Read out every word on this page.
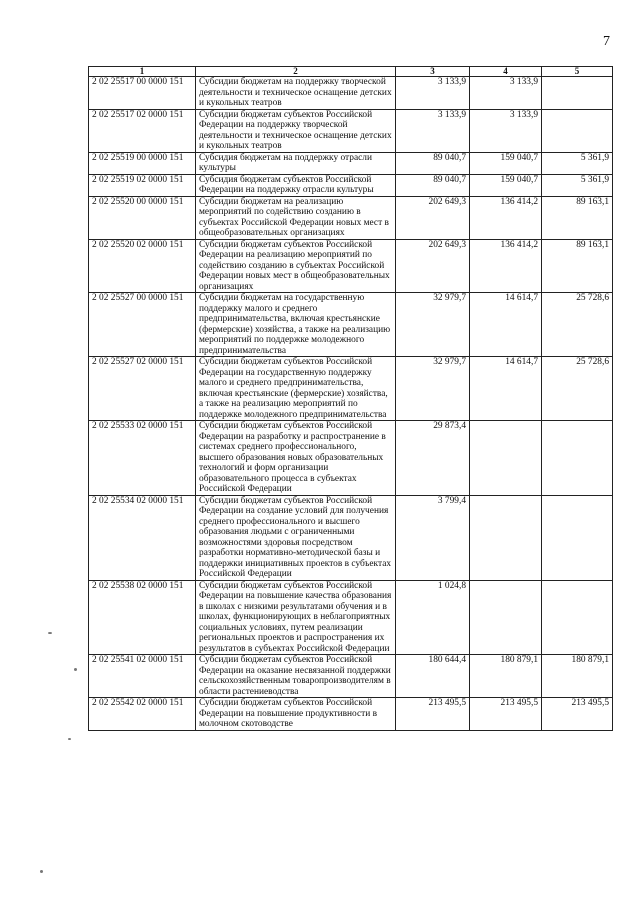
7
1	2	3	4	5
2 02 25517 00 0000 151	Субсидии бюджетам на поддержку творческой деятельности и техническое оснащение детских и кукольных театров	3 133,9	3 133,9	
2 02 25517 02 0000 151	Субсидии бюджетам субъектов Российской Федерации на поддержку творческой деятельности и техническое оснащение детских и кукольных театров	3 133,9	3 133,9	
2 02 25519 00 0000 151	Субсидия бюджетам на поддержку отрасли культуры	89 040,7	159 040,7	5 361,9
2 02 25519 02 0000 151	Субсидия бюджетам субъектов Российской Федерации на поддержку отрасли культуры	89 040,7	159 040,7	5 361,9
2 02 25520 00 0000 151	Субсидии бюджетам на реализацию мероприятий по содействию созданию в субъектах Российской Федерации новых мест в общеобразовательных организациях	202 649,3	136 414,2	89 163,1
2 02 25520 02 0000 151	Субсидии бюджетам субъектов Российской Федерации на реализацию мероприятий по содействию созданию в субъектах Российской Федерации новых мест в общеобразовательных организациях	202 649,3	136 414,2	89 163,1
2 02 25527 00 0000 151	Субсидии бюджетам на государственную поддержку малого и среднего предпринимательства, включая крестьянские (фермерские) хозяйства, а также на реализацию мероприятий по поддержке молодежного предпринимательства	32 979,7	14 614,7	25 728,6
2 02 25527 02 0000 151	Субсидии бюджетам субъектов Российской Федерации на государственную поддержку малого и среднего предпринимательства, включая крестьянские (фермерские) хозяйства, а также на реализацию мероприятий по поддержке молодежного предпринимательства	32 979,7	14 614,7	25 728,6
2 02 25533 02 0000 151	Субсидии бюджетам субъектов Российской Федерации на разработку и распространение в системах среднего профессионального, высшего образования новых образовательных технологий и форм организации образовательного процесса в субъектах Российской Федерации	29 873,4		
2 02 25534 02 0000 151	Субсидии бюджетам субъектов Российской Федерации на создание условий для получения среднего профессионального и высшего образования людьми с ограниченными возможностями здоровья посредством разработки нормативно-методической базы и поддержки инициативных проектов в субъектах Российской Федерации	3 799,4		
2 02 25538 02 0000 151	Субсидии бюджетам субъектов Российской Федерации на повышение качества образования в школах с низкими результатами обучения и в школах, функционирующих в неблагоприятных социальных условиях, путем реализации региональных проектов и распространения их результатов в субъектах Российской Федерации	1 024,8		
2 02 25541 02 0000 151	Субсидии бюджетам субъектов Российской Федерации на оказание несвязанной поддержки сельскохозяйственным товаропроизводителям в области растениеводства	180 644,4	180 879,1	180 879,1
2 02 25542 02 0000 151	Субсидии бюджетам субъектов Российской Федерации на повышение продуктивности в молочном скотоводстве	213 495,5	213 495,5	213 495,5
